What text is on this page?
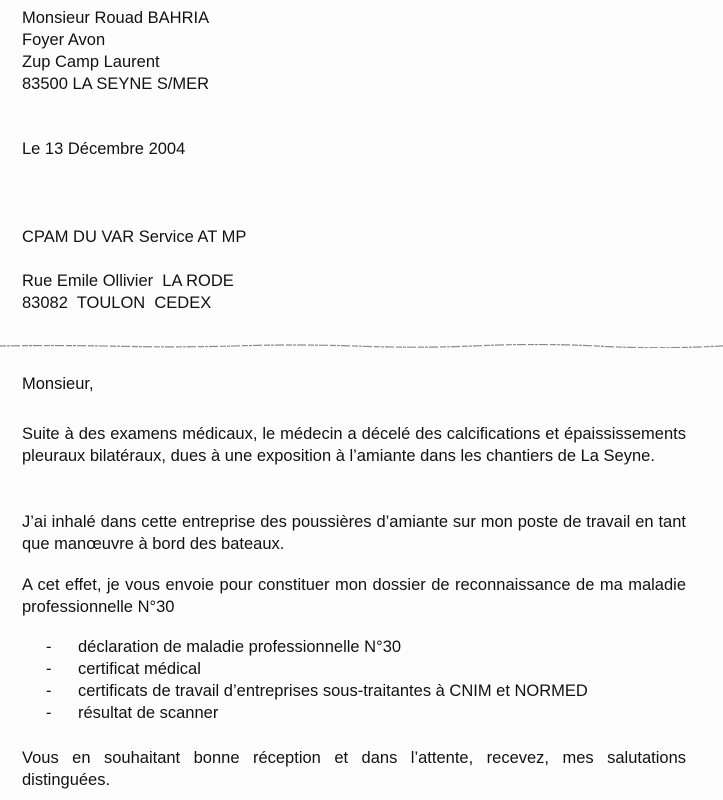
Monsieur Rouad BAHRIA

Foyer Avon

Zup Camp Laurent

83500 LA SEYNE S/MER

Le 13 Décembre 2004

CPAM DU VAR Service AT MP

Rue Emile Ollivier  LA RODE

83082  TOULON  CEDEX

Monsieur,

Suite à des examens médicaux, le médecin a décelé des calcifications et épaississements pleuraux bilatéraux, dues à une exposition à l’amiante dans les chantiers de La Seyne.

J’ai inhalé dans cette entreprise des poussières d’amiante sur mon poste de travail en tant que manœuvre à bord des bateaux.

A cet effet, je vous envoie pour constituer mon dossier de reconnaissance de ma maladie professionnelle N°30

- déclaration de maladie professionnelle N°30
- certificat médical
- certificats de travail d’entreprises sous-traitantes à CNIM et NORMED
- résultat de scanner

Vous en souhaitant bonne réception et dans l’attente, recevez, mes salutations distinguées.
